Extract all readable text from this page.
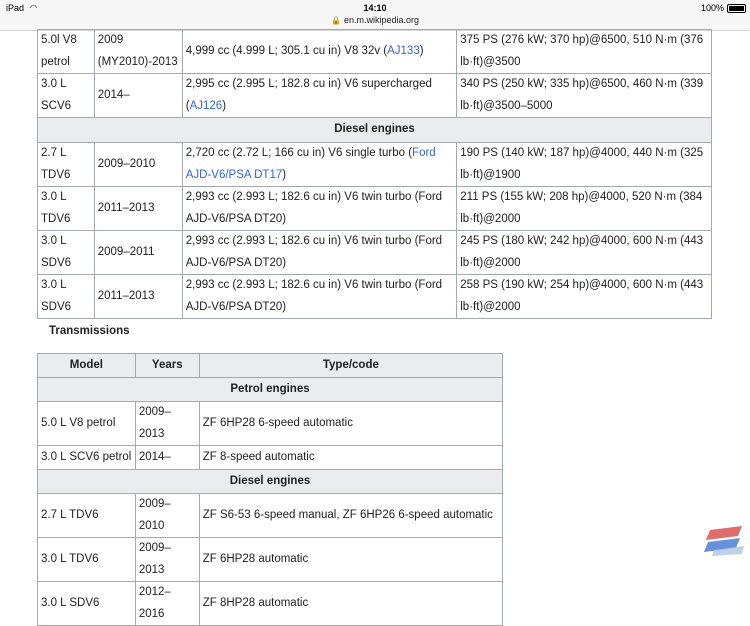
iPad ◠	14:10	100%
🔒 en.m.wikipedia.org
5.0l V8 petrol	2009 (MY2010)-2013	4,999 cc (4.999 L; 305.1 cu in) V8 32v (AJ133)	375 PS (276 kW; 370 hp)@6500, 510 N·m (376 lb·ft)@3500
3.0 L SCV6	2014–	2,995 cc (2.995 L; 182.8 cu in) V6 supercharged (AJ126)	340 PS (250 kW; 335 hp)@6500, 460 N·m (339 lb·ft)@3500–5000
Diesel engines			
2.7 L TDV6	2009–2010	2,720 cc (2.72 L; 166 cu in) V6 single turbo (Ford AJD-V6/PSA DT17)	190 PS (140 kW; 187 hp)@4000, 440 N·m (325 lb·ft)@1900
3.0 L TDV6	2011–2013	2,993 cc (2.993 L; 182.6 cu in) V6 twin turbo (Ford AJD-V6/PSA DT20)	211 PS (155 kW; 208 hp)@4000, 520 N·m (384 lb·ft)@2000
3.0 L SDV6	2009–2011	2,993 cc (2.993 L; 182.6 cu in) V6 twin turbo (Ford AJD-V6/PSA DT20)	245 PS (180 kW; 242 hp)@4000, 600 N·m (443 lb·ft)@2000
3.0 L SDV6	2011–2013	2,993 cc (2.993 L; 182.6 cu in) V6 twin turbo (Ford AJD-V6/PSA DT20)	258 PS (190 kW; 254 hp)@4000, 600 N·m (443 lb·ft)@2000
Transmissions
Model	Years	Type/code
Petrol engines		
5.0 L V8 petrol	2009–2013	ZF 6HP28 6-speed automatic
3.0 L SCV6 petrol	2014–	ZF 8-speed automatic
Diesel engines		
2.7 L TDV6	2009–2010	ZF S6-53 6-speed manual, ZF 6HP26 6-speed automatic
3.0 L TDV6	2009–2013	ZF 6HP28 automatic
3.0 L SDV6	2012–2016	ZF 8HP28 automatic
